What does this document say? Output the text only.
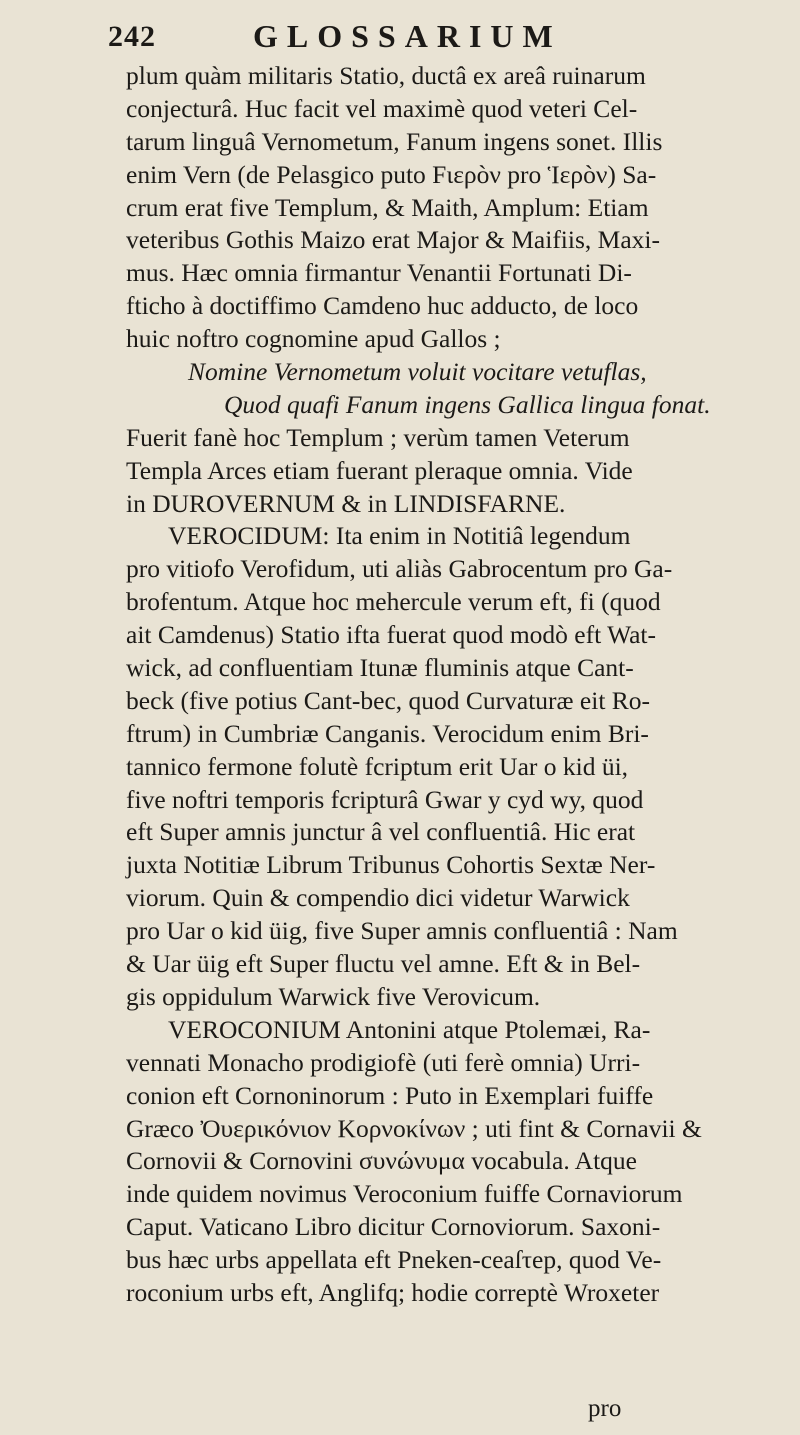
242	GLOSSARIUM
plum quàm militaris Statio, ductâ ex areâ ruinarum
conjecturâ. Huc facit vel maximè quod veteri Cel-
tarum linguâ Vernometum, Fanum ingens sonet. Illis
enim Vern (de Pelasgico puto Fιερòν pro Ἱερòν) Sa-
crum erat five Templum, & Maith, Amplum: Etiam
veteribus Gothis Maizo erat Major & Maifiis, Maxi-
mus. Hæc omnia firmantur Venantii Fortunati Di-
fticho à doctiffimo Camdeno huc adducto, de loco
huic noftro cognomine apud Gallos ;
Nomine Vernometum voluit vocitare vetuflas,
Quod quafi Fanum ingens Gallica lingua fonat.
Fuerit fanè hoc Templum ; verùm tamen Veterum
Templa Arces etiam fuerant pleraque omnia. Vide
in DUROVERNUM & in LINDISFARNE.
VEROCIDUM: Ita enim in Notitiâ legendum
pro vitiofo Verofidum, uti aliàs Gabrocentum pro Ga-
brofentum. Atque hoc mehercule verum eft, fi (quod
ait Camdenus) Statio ifta fuerat quod modò eft Wat-
wick, ad confluentiam Itunæ fluminis atque Cant-
beck (five potius Cant-bec, quod Curvaturæ eit Ro-
ftrum) in Cumbriæ Canganis. Verocidum enim Bri-
tannico fermone folutè fcriptum erit Uar o kid üi,
five noftri temporis fcripturâ Gwar y cyd wy, quod
eft Super amnis junctur â vel confluentiâ. Hic erat
juxta Notitiæ Librum Tribunus Cohortis Sextæ Ner-
viorum. Quin & compendio dici videtur Warwick
pro Uar o kid üig, five Super amnis confluentiâ : Nam
& Uar üig eft Super fluctu vel amne. Eft & in Bel-
gis oppidulum Warwick five Verovicum.
VEROCONIUM Antonini atque Ptolemæi, Ra-
vennati Monacho prodigiofè (uti ferè omnia) Urri-
conion eft Cornoninorum : Puto in Exemplari fuiffe
Græco Ὀυερικόνιον Κορνοκίνων ; uti fint & Cornavii &
Cornovii & Cornovini συνώνυμα vocabula. Atque
inde quidem novimus Veroconium fuiffe Cornaviorum
Caput. Vaticano Libro dicitur Cornoviorum. Saxoni-
bus hæc urbs appellata eft Pneken-ceaſτep, quod Ve-
roconium urbs eft, Anglifq; hodie correptè Wroxeter
pro
